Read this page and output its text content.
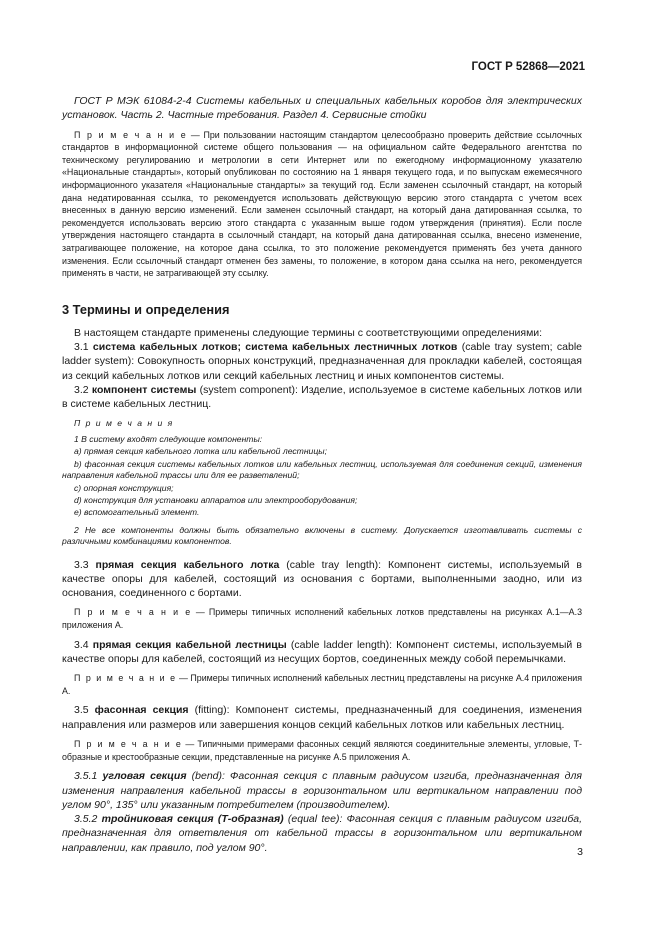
ГОСТ Р 52868—2021

ГОСТ Р МЭК 61084-2-4 Системы кабельных и специальных кабельных коробов для электрических установок. Часть 2. Частные требования. Раздел 4. Сервисные стойки

П р и м е ч а н и е — При пользовании настоящим стандартом целесообразно проверить действие ссылочных стандартов в информационной системе общего пользования — на официальном сайте Федерального агентства по техническому регулированию и метрологии в сети Интернет или по ежегодному информационному указателю «Национальные стандарты», который опубликован по состоянию на 1 января текущего года, и по выпускам ежемесячного информационного указателя «Национальные стандарты» за текущий год. Если заменен ссылочный стандарт, на который дана недатированная ссылка, то рекомендуется использовать действующую версию этого стандарта с учетом всех внесенных в данную версию изменений. Если заменен ссылочный стандарт, на который дана датированная ссылка, то рекомендуется использовать версию этого стандарта с указанным выше годом утверждения (принятия). Если после утверждения настоящего стандарта в ссылочный стандарт, на который дана датированная ссылка, внесено изменение, затрагивающее положение, на которое дана ссылка, то это положение рекомендуется применять без учета данного изменения. Если ссылочный стандарт отменен без замены, то положение, в котором дана ссылка на него, рекомендуется применять в части, не затрагивающей эту ссылку.

3 Термины и определения

В настоящем стандарте применены следующие термины с соответствующими определениями:

3.1 система кабельных лотков; система кабельных лестничных лотков (cable tray system; cable ladder system): Совокупность опорных конструкций, предназначенная для прокладки кабелей, состоящая из секций кабельных лотков или секций кабельных лестниц и иных компонентов системы.

3.2 компонент системы (system component): Изделие, используемое в системе кабельных лотков или в системе кабельных лестниц.

П р и м е ч а н и я

1 В систему входят следующие компоненты:

a) прямая секция кабельного лотка или кабельной лестницы;

b) фасонная секция системы кабельных лотков или кабельных лестниц, используемая для соединения секций, изменения направления кабельной трассы или для ее разветвлений;

c) опорная конструкция;

d) конструкция для установки аппаратов или электрооборудования;

e) вспомогательный элемент.

2 Не все компоненты должны быть обязательно включены в систему. Допускается изготавливать системы с различными комбинациями компонентов.

3.3 прямая секция кабельного лотка (cable tray length): Компонент системы, используемый в качестве опоры для кабелей, состоящий из основания с бортами, выполненными заодно, или из основания, соединенного с бортами.

П р и м е ч а н и е — Примеры типичных исполнений кабельных лотков представлены на рисунках А.1—А.3 приложения А.

3.4 прямая секция кабельной лестницы (cable ladder length): Компонент системы, используемый в качестве опоры для кабелей, состоящий из несущих бортов, соединенных между собой перемычками.

П р и м е ч а н и е — Примеры типичных исполнений кабельных лестниц представлены на рисунке А.4 приложения А.

3.5 фасонная секция (fitting): Компонент системы, предназначенный для соединения, изменения направления или размеров или завершения концов секций кабельных лотков или кабельных лестниц.

П р и м е ч а н и е — Типичными примерами фасонных секций являются соединительные элементы, угловые, Т-образные и крестообразные секции, представленные на рисунке А.5 приложения А.

3.5.1 угловая секция (bend): Фасонная секция с плавным радиусом изгиба, предназначенная для изменения направления кабельной трассы в горизонтальном или вертикальном направлении под углом 90°, 135° или указанным потребителем (производителем).

3.5.2 тройниковая секция (Т-образная) (equal tee): Фасонная секция с плавным радиусом изгиба, предназначенная для ответвления от кабельной трассы в горизонтальном или вертикальном направлении, как правило, под углом 90°.	3
